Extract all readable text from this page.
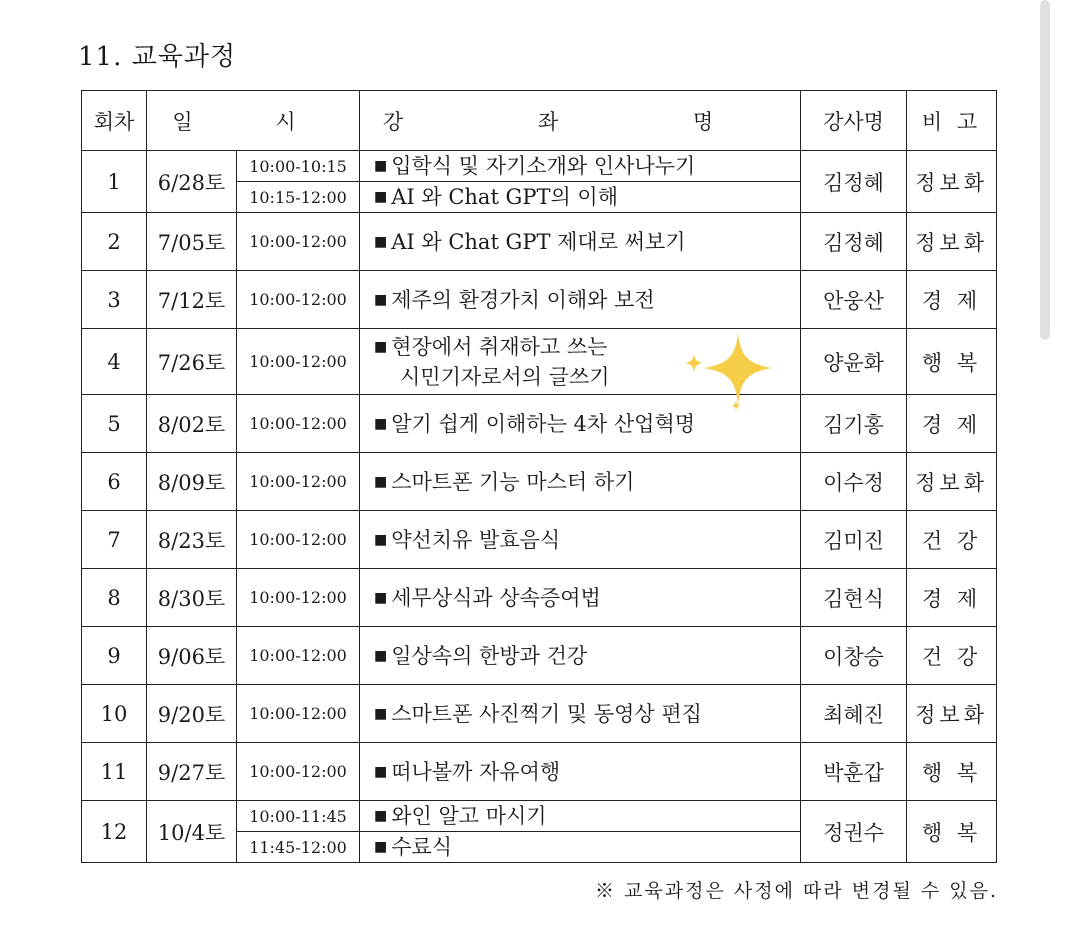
11. 교육과정
회차	일 시		강 좌 명	강사명	비 고
1	6/28토	10:00-10:15	■ 입학식 및 자기소개와 인사나누기	김정혜	정보화
		10:15-12:00	■ AI 와 Chat GPT의 이해		
2	7/05토	10:00-12:00	■ AI 와 Chat GPT 제대로 써보기	김정혜	정보화
3	7/12토	10:00-12:00	■ 제주의 환경가치 이해와 보전	안웅산	경 제
4	7/26토	10:00-12:00	■ 현장에서 취재하고 쓰는
시민기자로서의 글쓰기	양윤화	행 복
5	8/02토	10:00-12:00	■ 알기 쉽게 이해하는 4차 산업혁명	김기홍	경 제
6	8/09토	10:00-12:00	■ 스마트폰 기능 마스터 하기	이수정	정보화
7	8/23토	10:00-12:00	■ 약선치유 발효음식	김미진	건 강
8	8/30토	10:00-12:00	■ 세무상식과 상속증여법	김현식	경 제
9	9/06토	10:00-12:00	■ 일상속의 한방과 건강	이창승	건 강
10	9/20토	10:00-12:00	■ 스마트폰 사진찍기 및 동영상 편집	최혜진	정보화
11	9/27토	10:00-12:00	■ 떠나볼까 자유여행	박훈갑	행 복
12	10/4토	10:00-11:45	■ 와인 알고 마시기	정권수	행 복
		11:45-12:00	■ 수료식		

※ 교육과정은 사정에 따라 변경될 수 있음.
